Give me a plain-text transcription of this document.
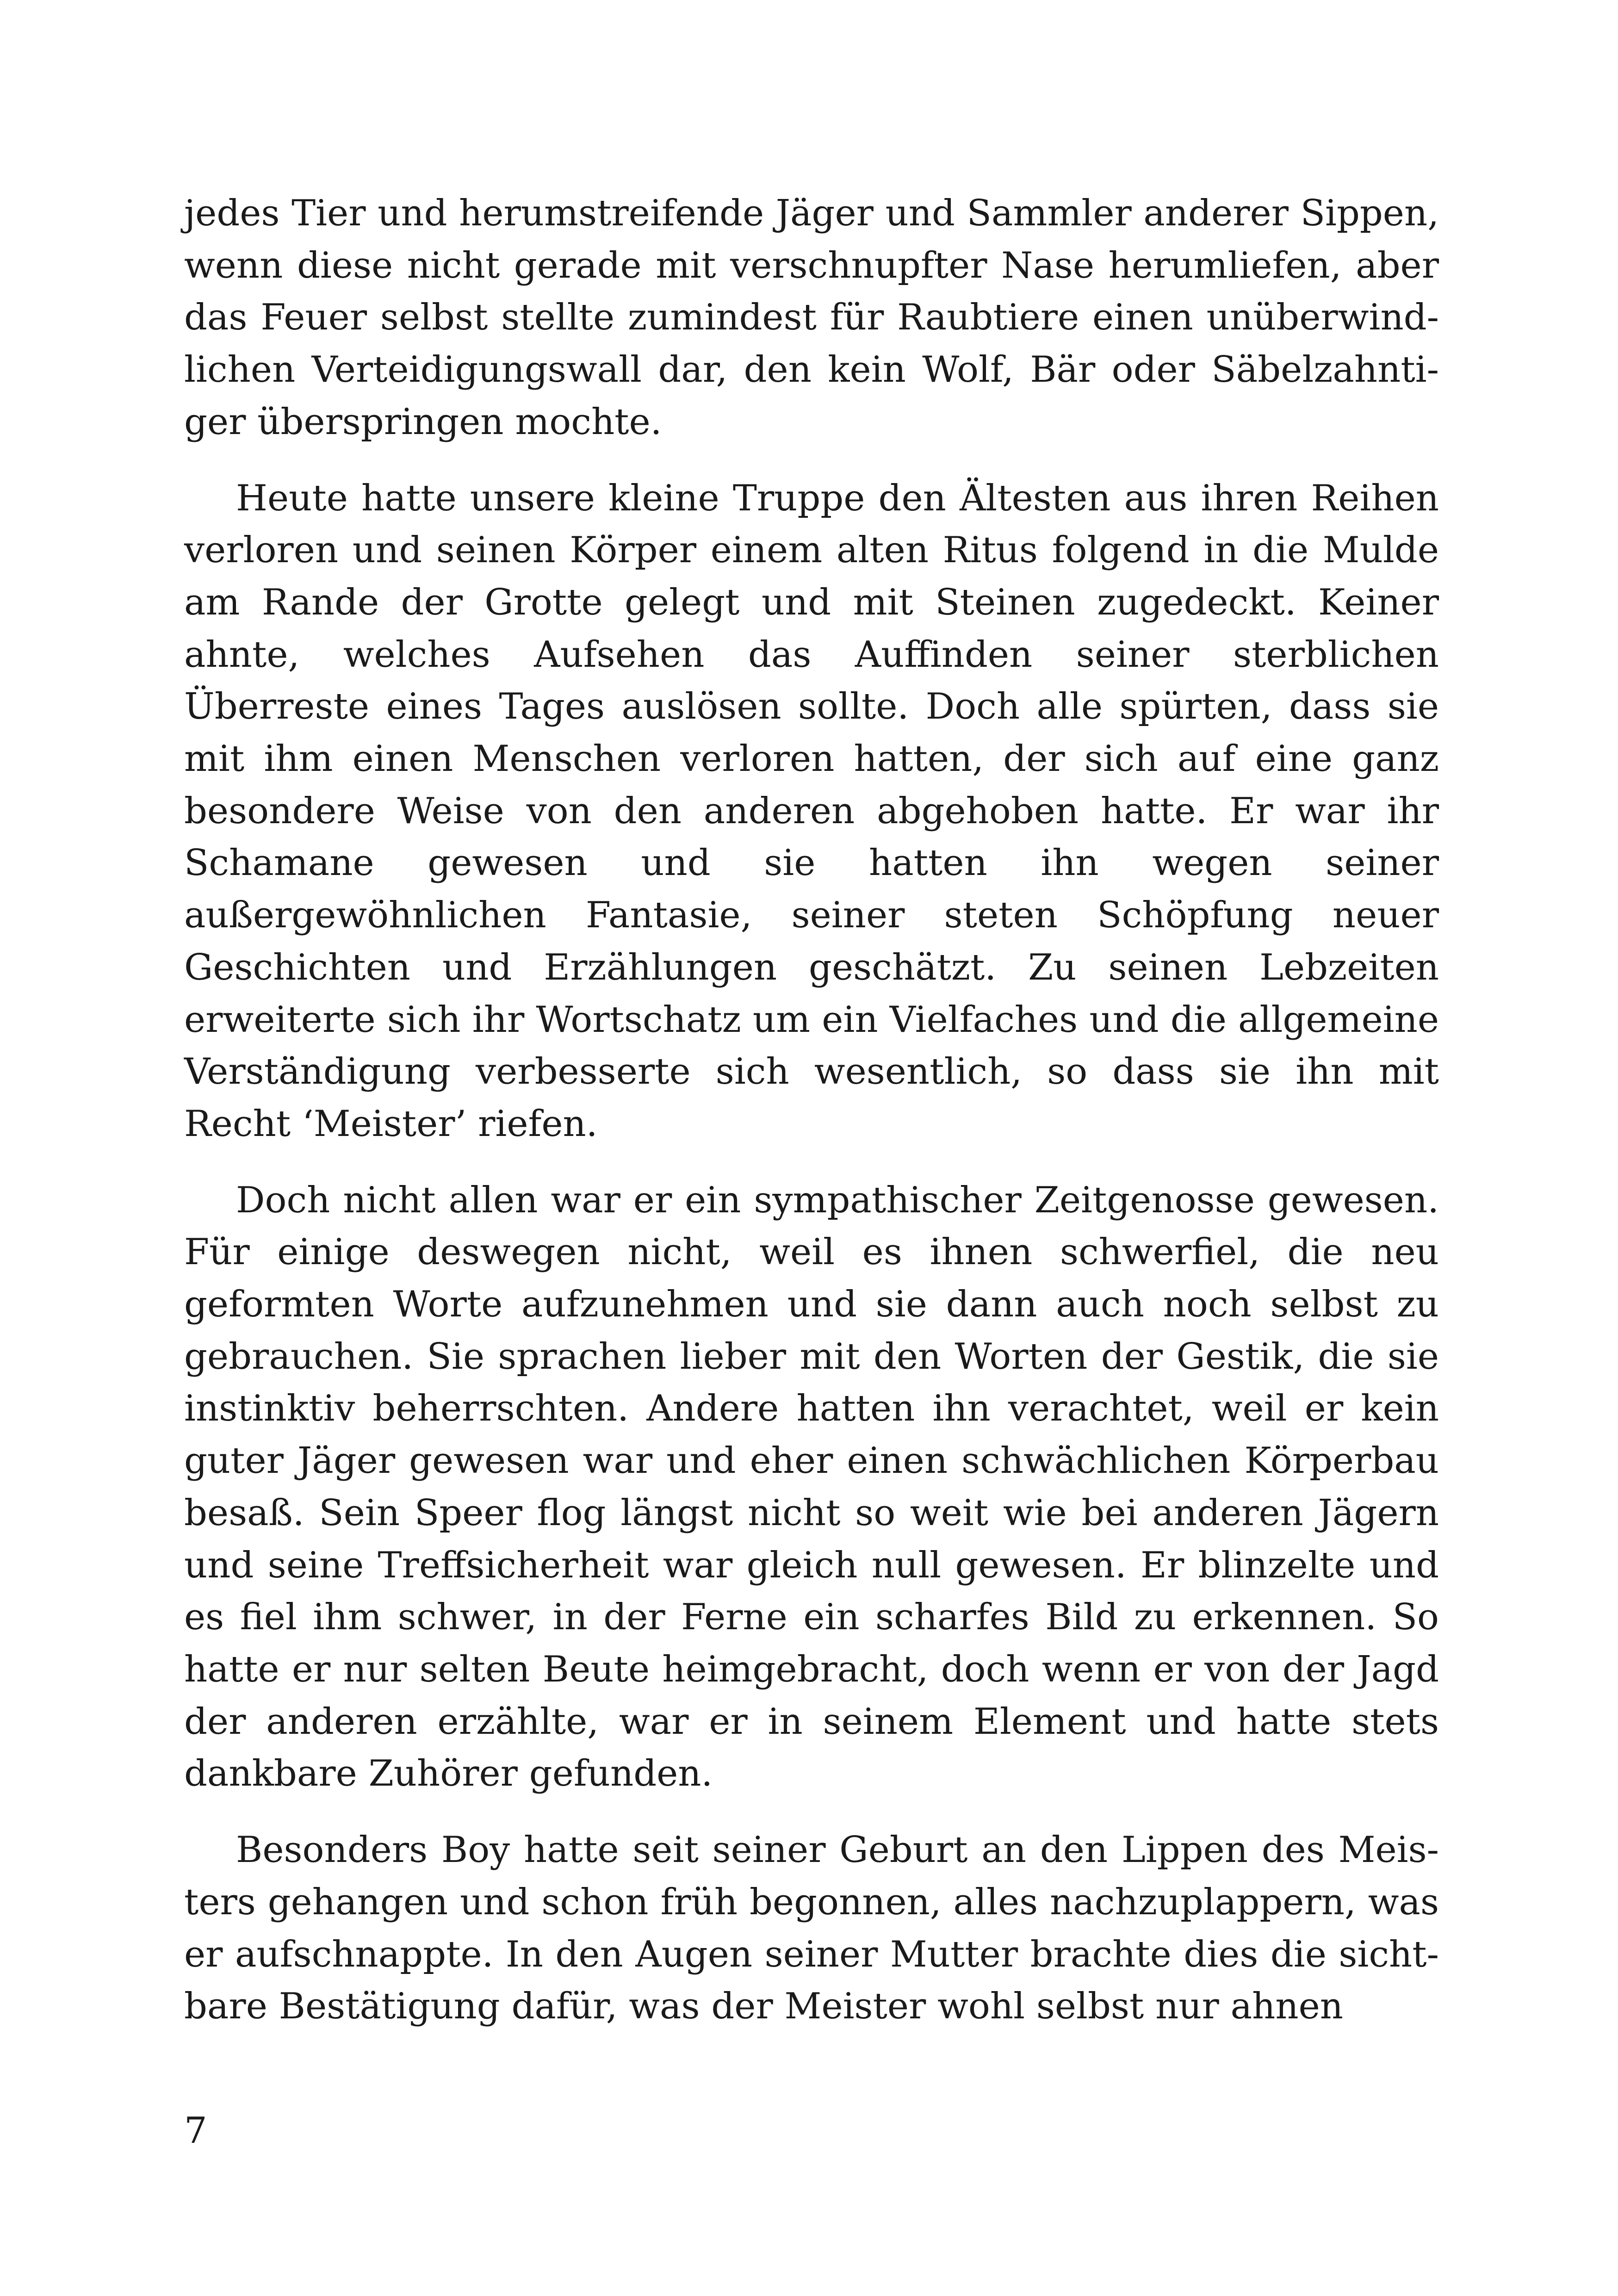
jedes Tier und herumstreifende Jäger und Sammler anderer Sippen, wenn diese nicht gerade mit verschnupfter Nase herumliefen, aber das Feuer selbst stellte zumindest für Raubtiere einen unüberwindlichen Verteidigungswall dar, den kein Wolf, Bär oder Säbelzahntiger überspringen mochte.

Heute hatte unsere kleine Truppe den Ältesten aus ihren Reihen verloren und seinen Körper einem alten Ritus folgend in die Mulde am Rande der Grotte gelegt und mit Steinen zugedeckt. Keiner ahnte, welches Aufsehen das Auffinden seiner sterblichen Überreste eines Tages auslösen sollte. Doch alle spürten, dass sie mit ihm einen Menschen verloren hatten, der sich auf eine ganz besondere Weise von den anderen abgehoben hatte. Er war ihr Schamane gewesen und sie hatten ihn wegen seiner außergewöhnlichen Fantasie, seiner steten Schöpfung neuer Geschichten und Erzählungen geschätzt. Zu seinen Lebzeiten erweiterte sich ihr Wortschatz um ein Vielfaches und die allgemeine Verständigung verbesserte sich wesentlich, so dass sie ihn mit Recht ‘Meister’ riefen.

Doch nicht allen war er ein sympathischer Zeitgenosse gewesen. Für einige deswegen nicht, weil es ihnen schwerfiel, die neu geformten Worte aufzunehmen und sie dann auch noch selbst zu gebrauchen. Sie sprachen lieber mit den Worten der Gestik, die sie instinktiv beherrschten. Andere hatten ihn verachtet, weil er kein guter Jäger gewesen war und eher einen schwächlichen Körperbau besaß. Sein Speer flog längst nicht so weit wie bei anderen Jägern und seine Treffsicherheit war gleich null gewesen. Er blinzelte und es fiel ihm schwer, in der Ferne ein scharfes Bild zu erkennen. So hatte er nur selten Beute heimgebracht, doch wenn er von der Jagd der anderen erzählte, war er in seinem Element und hatte stets dankbare Zuhörer gefunden.

Besonders Boy hatte seit seiner Geburt an den Lippen des Meisters gehangen und schon früh begonnen, alles nachzuplappern, was er aufschnappte. In den Augen seiner Mutter brachte dies die sichtbare Bestätigung dafür, was der Meister wohl selbst nur ahnen

7
